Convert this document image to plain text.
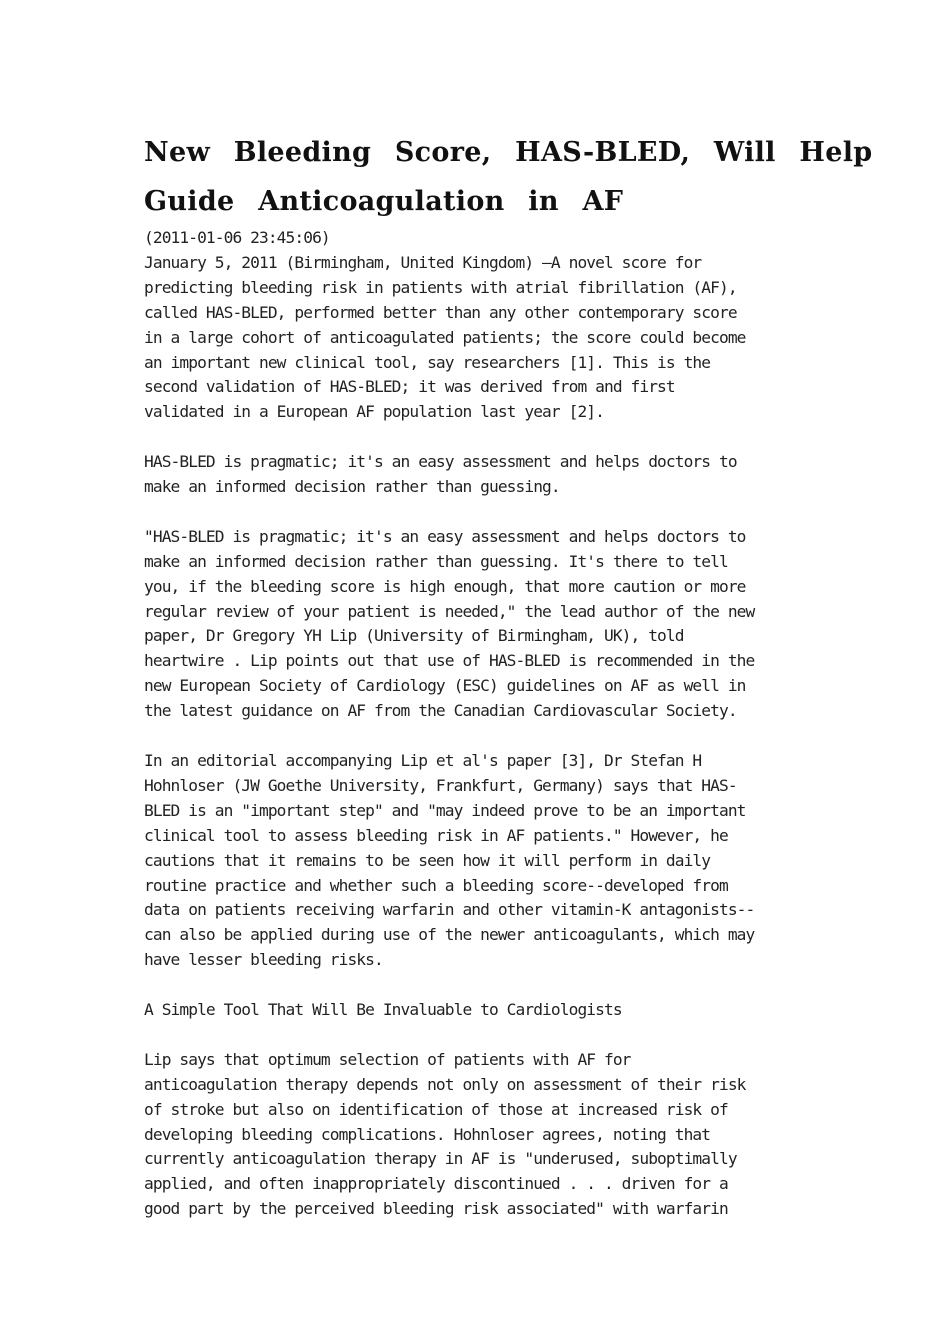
New Bleeding Score, HAS-BLED, Will Help
Guide Anticoagulation in AF

(2011-01-06 23:45:06)

January 5, 2011 (Birmingham, United Kingdom) —A novel score for
predicting bleeding risk in patients with atrial fibrillation (AF),
called HAS-BLED, performed better than any other contemporary score
in a large cohort of anticoagulated patients; the score could become
an important new clinical tool, say researchers [1]. This is the
second validation of HAS-BLED; it was derived from and first
validated in a European AF population last year [2].

HAS-BLED is pragmatic; it's an easy assessment and helps doctors to
make an informed decision rather than guessing.

"HAS-BLED is pragmatic; it's an easy assessment and helps doctors to
make an informed decision rather than guessing. It's there to tell
you, if the bleeding score is high enough, that more caution or more
regular review of your patient is needed," the lead author of the new
paper, Dr Gregory YH Lip (University of Birmingham, UK), told
heartwire . Lip points out that use of HAS-BLED is recommended in the
new European Society of Cardiology (ESC) guidelines on AF as well in
the latest guidance on AF from the Canadian Cardiovascular Society.

In an editorial accompanying Lip et al's paper [3], Dr Stefan H
Hohnloser (JW Goethe University, Frankfurt, Germany) says that HAS-
BLED is an "important step" and "may indeed prove to be an important
clinical tool to assess bleeding risk in AF patients." However, he
cautions that it remains to be seen how it will perform in daily
routine practice and whether such a bleeding score--developed from
data on patients receiving warfarin and other vitamin-K antagonists--
can also be applied during use of the newer anticoagulants, which may
have lesser bleeding risks.

A Simple Tool That Will Be Invaluable to Cardiologists

Lip says that optimum selection of patients with AF for
anticoagulation therapy depends not only on assessment of their risk
of stroke but also on identification of those at increased risk of
developing bleeding complications. Hohnloser agrees, noting that
currently anticoagulation therapy in AF is "underused, suboptimally
applied, and often inappropriately discontinued . . . driven for a
good part by the perceived bleeding risk associated" with warfarin
